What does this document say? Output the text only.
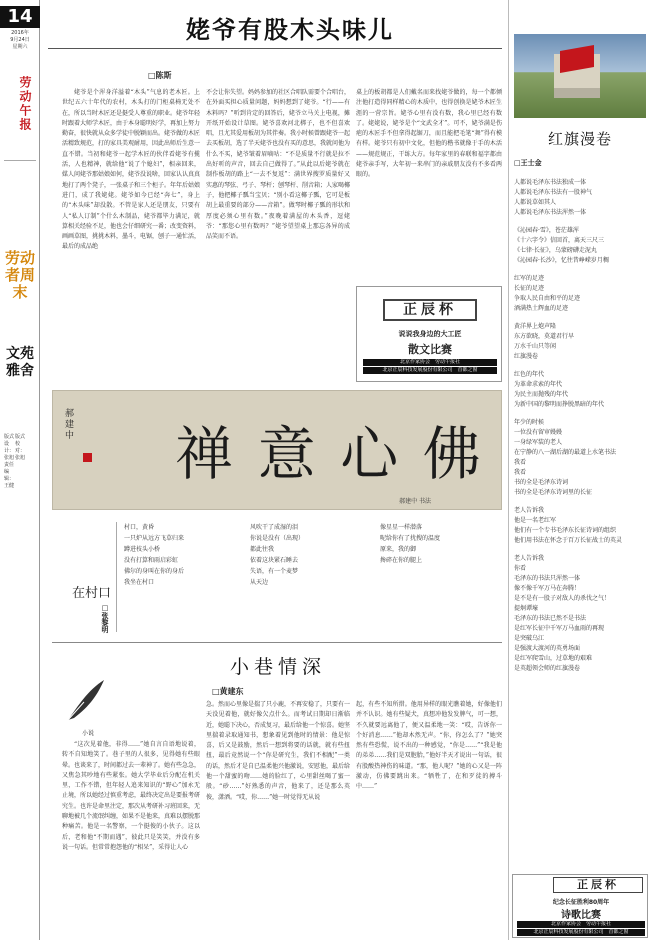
14
2016年
9月24日
星期六
劳动午报
劳动者周末
文苑雅舍
版式设计：张旭
版式校对：张旭
责任编辑：王健
姥爷有股木头味儿
□陈斯
姥爷是个浑身洋溢着“木头”气息的老木匠。上世纪五六十年代的农村，木头打的门柜桌椅无处不在，所以当时木匠还是挺受人尊重的职业。姥爷年轻时跟着大师学木匠，由于本身聪明好学，再加上努力勤奋，很快就从众多学徒中脱颖而出。姥爷做的木匠活精致规范，打的家具美观耐用，因此出师后生意一直不错。当初和姥爷一起学木匠的伙伴看姥爷有揽活，人也精神，就给他“说了个媳妇”，相亲回来，媒人问姥爷那姑娘如何，姥爷没说啥，回家认认真真地打了两个凳子，一张桌子和三个柜子。年年后姑娘进门，成了我姥姥。姥爷如今已经“奔七”，身上的“木头味”却没散。不管是家人还是朋友，只要有人“私人订制”个什么木制品，姥爷都毕力满足，就算相关经验不足，他也会仔细研究一番；改变资料，画画草图，挑挑木料，墨斗，电锯，刨子一通忙活，最后的成品绝
不会让你失望。妈妈参加的社区合唱队需要个合唱台，在外面买担心质量问题，妈妈想到了姥爷。“行——有木料吗？”听到肯定的回答后，姥爷立马关上电视，摊开纸开始设计草图。姥爷喜欢河北梆子，也不但喜欢唱，且尤其爱用板胡为其伴奏。我小时候曾跟姥爷一起去买板胡，选了半天姥爷也没有买的意思，我就问他为什么不买，姥爷皱着眉嘀咕：“不是质量不行就是拉不出好听的声音，回去自己做得了。”从此以后姥爷就在制作板胡的路上“一去不复返”：满世界搜罗质量好又实惠的琴弦、弓子、琴杆；刨琴杆、削音箱；人家喝椰子，他把椰子瓢当宝贝；“别小看这椰子瓢，它可是板胡上最重要的部分——音箱”。做琴时椰子瓢的形状和厚度必须心里有数。”夜晚着满屋的木头香，逗姥爷：“那您心里有数吗？”姥爷望望桌上那忘各异的成品笑而不语。
桌上的板胡都是人们戴名而来找姥爷做的，每一个都倾注他打造得同样精心的木质中，也得创换是姥爷木匠生涯的一营宗旨。姥爷心里有没有数，我心里已经有数了。姥姥说，姥爷是个“文武全才”。可不，姥爷满是伤疤的木匠手不但拿得起锯刀，而且能把毛笔“舞”得有模有样。姥爷只有初中文化，但他的楷书就像于手的木活——规范规正，干练大方。每年家里的春联和福字都由姥爷亲手写，大年初一来串门的亲戚朋友没有不多看两眼的。
正辰杯
说说我身边的大工匠
散文比赛
北京作家协会　劳动午报社
北京正辰科技发展股份有限公司　首都之窗
郝建中 禅 意 心 佛
郝建中 书法
在村口
□张黎明
村口，黄昏
一只炉从远方飞草归来
蹲进枝头小桥
没有打算和雨启彩虹
佛尔的身叫在你的身后
我坐在村口
风吹干了成湿的泪
你说是没有（出现）
都此往我
依着这块紧石睡去
失语，有一个麦梦
从天边
像星星一样潜落
呢给你有了扰搜的温度
原来，我的御
搀碎在你的腿上
小说
小巷情深
□黄建东
“这次见着他，非得……”她自言自语地说着，转不自知地笑了。巷子里的人很多，见得她有些眼晕。也谈来了，时间都过去一辈神了。她有些急急，又焦急其吵地有些紧张。她大学毕业后分配在机关里，工作不错，但年轻人追来知识的“野心”加永无止境，所以她经过慎重考虑，最终决定出是要报考研究生。也许是命里注定，那次从考研补习班回来，无聊地被几个流氓纠缠，如果不是他来，真难以摆脱那种痛苦。他是一名警察，一个挺俊的小伙子。这以后，老和他“不期而遇”，彼此只是笑笑，并没有多说一句话。但常常抱怨他的“相呆”，采得让人心
急。然而心里像是揣了只小鹿，不再安稳了，只要有一天没见着他，就好像欠点什么。而考试日期却日渐临近，她聪下决心，否成复习，最后给他一个惊喜。她坚里揣着录取通知书，想象着见到他时的情景：他是惊喜，后又是鼓励，然后一想到将要的话就，就有些扭扭，最后竟然说一个“你是研究生，我们不相配”一类的话，然后才是自已温柔他兴他激说，安慰他，最后给他一个甜蜜的吻……她的脸红了，心里甜丝喝了蜜一般。“砂……”好熟悉的声音，他来了，还是那么英俊，潇洒。“哎，你……”她一时觉得无从说
起，有些不知所措。他用异样的眼光瞧着她，好像他们并不认识。她有些疑犬，真想冲他发发脾气，可一想，不久就要远离他了，便又温柔地一笑：“哎，告诉你一个好消息……”他却木然无声。“你，你怎么了？”她突然有些恐慌，说不出的一种感觉，“你是……”“我是他的弟弟……我们是双胞胎，”他好半天才说出一句话，很有股酸热神伤的味道。“那，他人呢？”她的心又是一阵激动，仿佛要跳出来。“牺牲了，在和歹徒的搏斗中……”
红旗漫卷
□王士金
人都说毛泽东书法独成一体
人都说毛泽东书法有一股神气
人都说草如其人
人都说毛泽东书法浑然一体
《沁园春·雪》，苍茫雄浑
《十六字令》信回首，离天三尺三
《七律·长征》，乌蒙磅礴走泥丸
《沁园春·长沙》，忆往昔峥嵘岁月稠
红军的足迹
长征的足迹
争取人民自由和平的足迹
酒满热土辉血的足迹
黄洋界上炮声隆
东方欲晓，莫道君行早
万水千山只等闲
红旗漫卷
红色的年代
为革命求索的年代
为民主而抛残的年代
为新中国的黎明而挣脱黑暗的年代
年少的时候
一位没有留审嫚嫚
一身绿军装的老人
在宁静的八一湖后湖的最道上水笔书法
我看
我看
书的全是毛泽东诗词
书的全是毛泽东诗词里的长征
老人告诉我
他是一名老红军
他们有一个专书毛泽东长征诗词的组织
他们用书法在怀念于百万长征战士的英灵
老人告诉我
你看
毛泽东的书法只浑然一体
像不像千军万马在奔腾！
是不是有一股子对敌人的杀伐之气！
提炯谭壕
毛泽东的书法已然不是书法
是红军长征中千军万马血雨的再现
是突破乌江
是强渡大渡河的英勇场面
是红军爬雪山，过草地的艰难
是英超领会师的红旗漫卷
正辰杯
纪念长征胜利80周年
诗歌比赛
北京作家协会　劳动午报社
北京正辰科技发展股份有限公司　首都之窗
